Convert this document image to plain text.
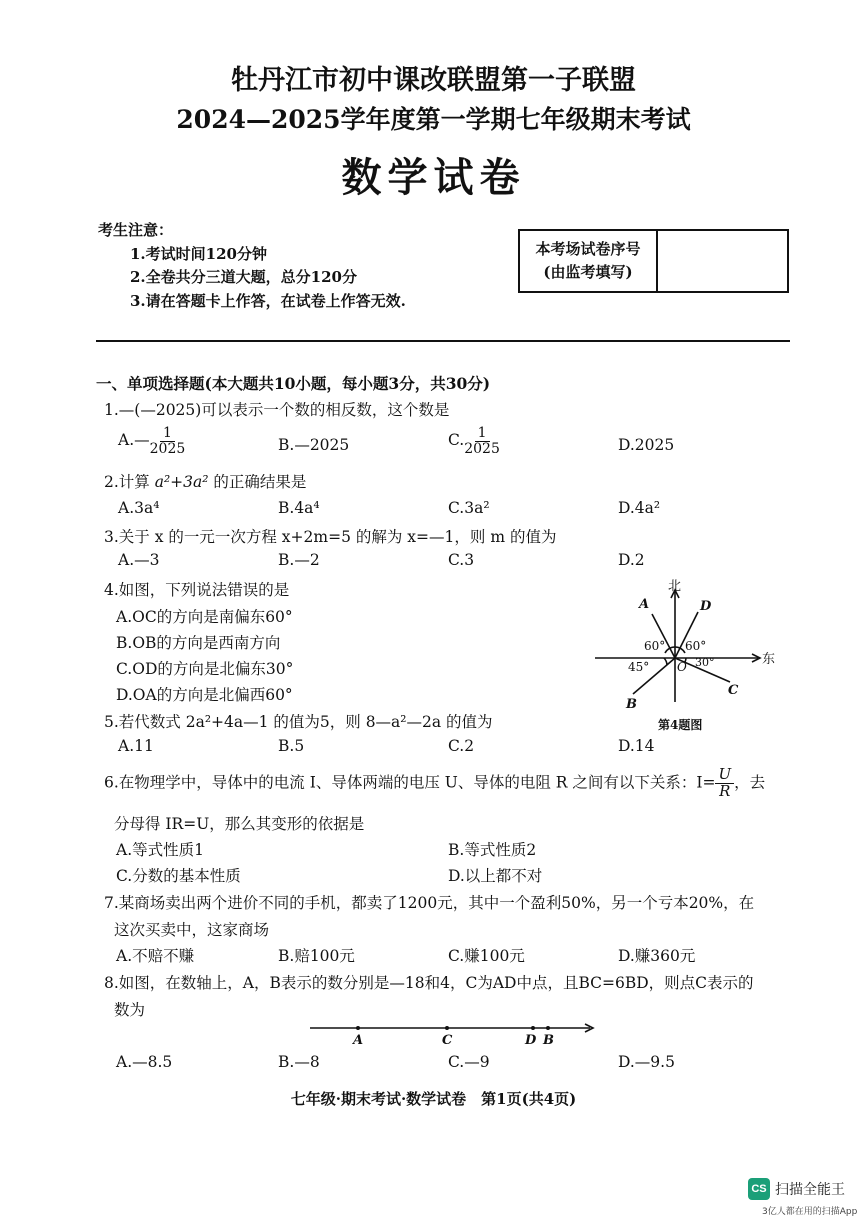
牡丹江市初中课改联盟第一子联盟
2024—2025学年度第一学期七年级期末考试
数学试卷
考生注意：
1.考试时间120分钟
2.全卷共分三道大题，总分120分
3.请在答题卡上作答，在试卷上作答无效.
本考场试卷序号
(由监考填写)
一、单项选择题(本大题共10小题，每小题3分，共30分)
1.—(—2025)可以表示一个数的相反数，这个数是
A.— $\frac{1}{2025}$	B.—2025	C. $\frac{1}{2025}$	D.2025
2.计算 a²+3a² 的正确结果是
A.3a⁴	B.4a⁴	C.3a²	D.4a²
3.关于 x 的一元一次方程 x+2m=5 的解为 x=—1，则 m 的值为
A.—3	B.—2	C.3	D.2
4.如图，下列说法错误的是
A.OC的方向是南偏东60°
B.OB的方向是西南方向
C.OD的方向是北偏东30°
D.OA的方向是北偏西60°
北
东
A	D
B
C
O
60° 60°
45°	30°
第4题图
5.若代数式 2a²+4a—1 的值为5，则 8—a²—2a 的值为
A.11	B.5	C.2	D.14
6.在物理学中，导体中的电流 I、导体两端的电压 U、导体的电阻 R 之间有以下关系：$I= \frac{U}{R}$ ，去
分母得 IR=U，那么其变形的依据是
A.等式性质1	B.等式性质2
C.分数的基本性质	D.以上都不对
7.某商场卖出两个进价不同的手机，都卖了1200元，其中一个盈利50%，另一个亏本20%，在
这次买卖中，这家商场
A.不赔不赚	B.赔100元	C.赚100元	D.赚360元
8.如图，在数轴上，A，B表示的数分别是—18和4，C为AD中点，且BC=6BD，则点C表示的
数为
A	C	D B
A.—8.5	B.—8	C.—9	D.—9.5
七年级·期末考试·数学试卷　第1页(共4页)
CS 扫描全能王
3亿人都在用的扫描App
